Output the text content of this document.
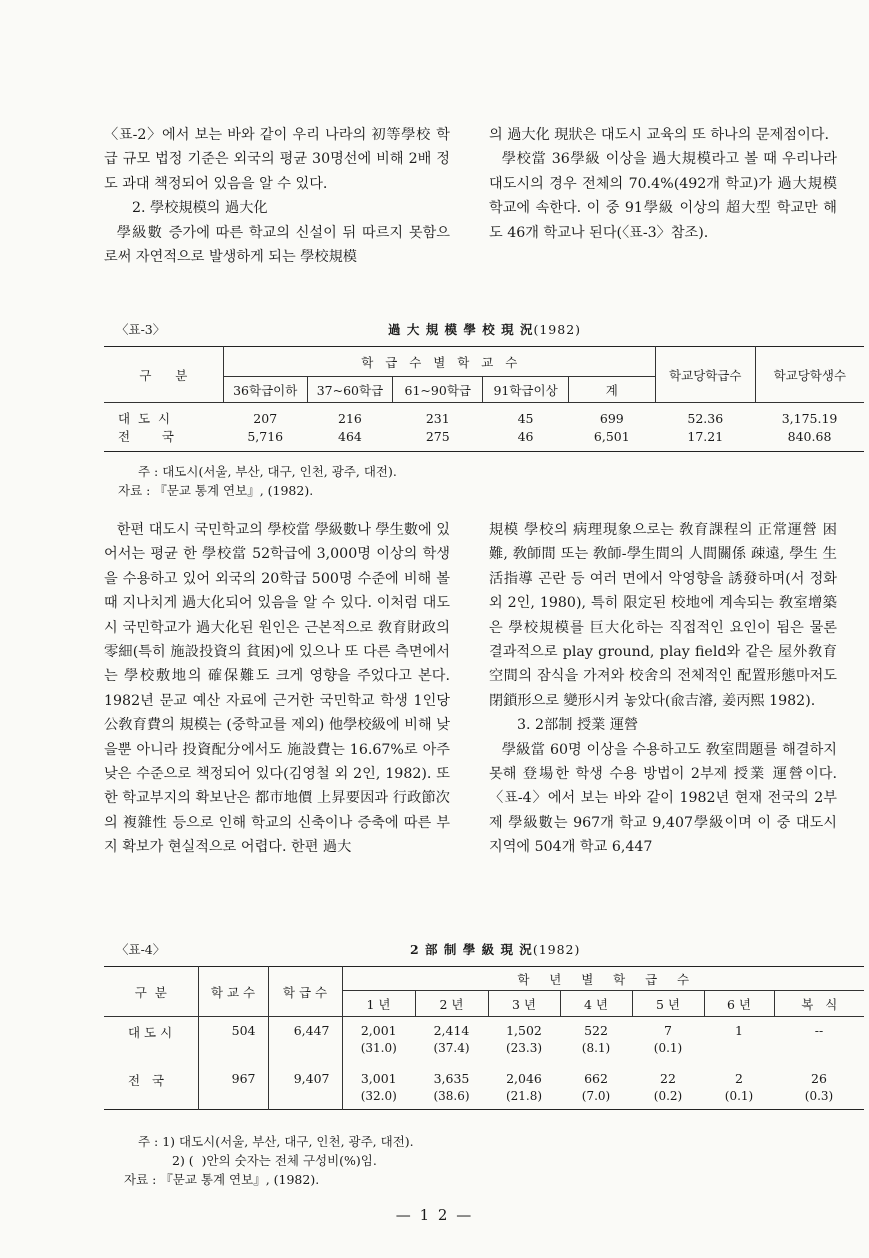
〈표-2〉에서 보는 바와 같이 우리 나라의 初等學校 학급 규모 법정 기준은 외국의 평균 30명선에 비해 2배 정도 과대 책정되어 있음을 알 수 있다.

2. 學校規模의 過大化

學級數 증가에 따른 학교의 신설이 뒤 따르지 못함으로써 자연적으로 발생하게 되는 學校規模

의 過大化 現狀은 대도시 교육의 또 하나의 문제점이다.

學校當 36學級 이상을 過大規模라고 볼 때 우리나라 대도시의 경우 전체의 70.4%(492개 학교)가 過大規模 학교에 속한다. 이 중 91學級 이상의 超大型 학교만 해도 46개 학교나 된다(〈표-3〉참조).

〈표-3〉	過 大 規 模 學 校 現 況(1982)
구      분	학   급   수   별   학   교   수					학교당학급수	학교당학생수
	36학급이하	37~60학급	61~90학급	91학급이상	계		
대  도  시	207	216	231	45	699	52.36	3,175.19
전        국	5,716	464	275	46	6,501	17.21	840.68
주 : 대도시(서울, 부산, 대구, 인천, 광주, 대전).
자료 : 『문교 통계 연보』, (1982).

한편 대도시 국민학교의 學校當 學級數나 學生數에 있어서는 평균 한 學校當 52학급에 3,000명 이상의 학생을 수용하고 있어 외국의 20학급 500명 수준에 비해 볼 때 지나치게 過大化되어 있음을 알 수 있다. 이처럼 대도시 국민학교가 過大化된 원인은 근본적으로 敎育財政의 零細(특히 施設投資의 貧困)에 있으나 또 다른 측면에서는 學校敷地의 確保難도 크게 영향을 주었다고 본다. 1982년 문교 예산 자료에 근거한 국민학교 학생 1인당 公敎育費의 規模는 (중학교를 제외) 他學校級에 비해 낮을뿐 아니라 投資配分에서도 施設費는 16.67%로 아주 낮은 수준으로 책정되어 있다(김영철 외 2인, 1982). 또한 학교부지의 확보난은 都市地價 上昇要因과 行政節次의 複雜性 등으로 인해 학교의 신축이나 증축에 따른 부지 확보가 현실적으로 어렵다. 한편 過大

規模 學校의 病理現象으로는 敎育課程의 正常運營 困難, 敎師間 또는 敎師-學生間의 人間關係 疎遠, 學生 生活指導 곤란 등 여러 면에서 악영향을 誘發하며(서 정화 외 2인, 1980), 특히 限定된 校地에 계속되는 敎室增築은 學校規模를 巨大化하는 직접적인 요인이 됨은 물론 결과적으로 play ground, play field와 같은 屋外敎育空間의 잠식을 가져와 校舍의 전체적인 配置形態마저도 閉鎖形으로 變形시켜 놓았다(兪吉濬, 姜丙熙 1982).

3. 2部制 授業 運營

學級當 60명 이상을 수용하고도 敎室問題를 해결하지 못해 登場한 학생 수용 방법이 2부제 授業 運營이다. 〈표-4〉에서 보는 바와 같이 1982년 현재 전국의 2부제 學級數는 967개 학교 9,407學級이며 이 중 대도시 지역에 504개 학교 6,447

〈표-4〉	2 部 制 學 級 現 況(1982)
구  분	학 교 수	학 급 수	학     년     별     학     급     수						
			1 년	2 년	3 년	4 년	5 년	6 년	복   식
대 도 시	504	6,447	2,001	2,414	1,502	522	7	1	--
			(31.0)	(37.4)	(23.3)	(8.1)	(0.1)		
전   국	967	9,407	3,001	3,635	2,046	662	22	2	26
			(32.0)	(38.6)	(21.8)	(7.0)	(0.2)	(0.1)	(0.3)
주 : 1) 대도시(서울, 부산, 대구, 인천, 광주, 대전).
2) (  )안의 숫자는 전체 구성비(%)임.
자료 : 『문교 통계 연보』, (1982).
— 1 2 —
